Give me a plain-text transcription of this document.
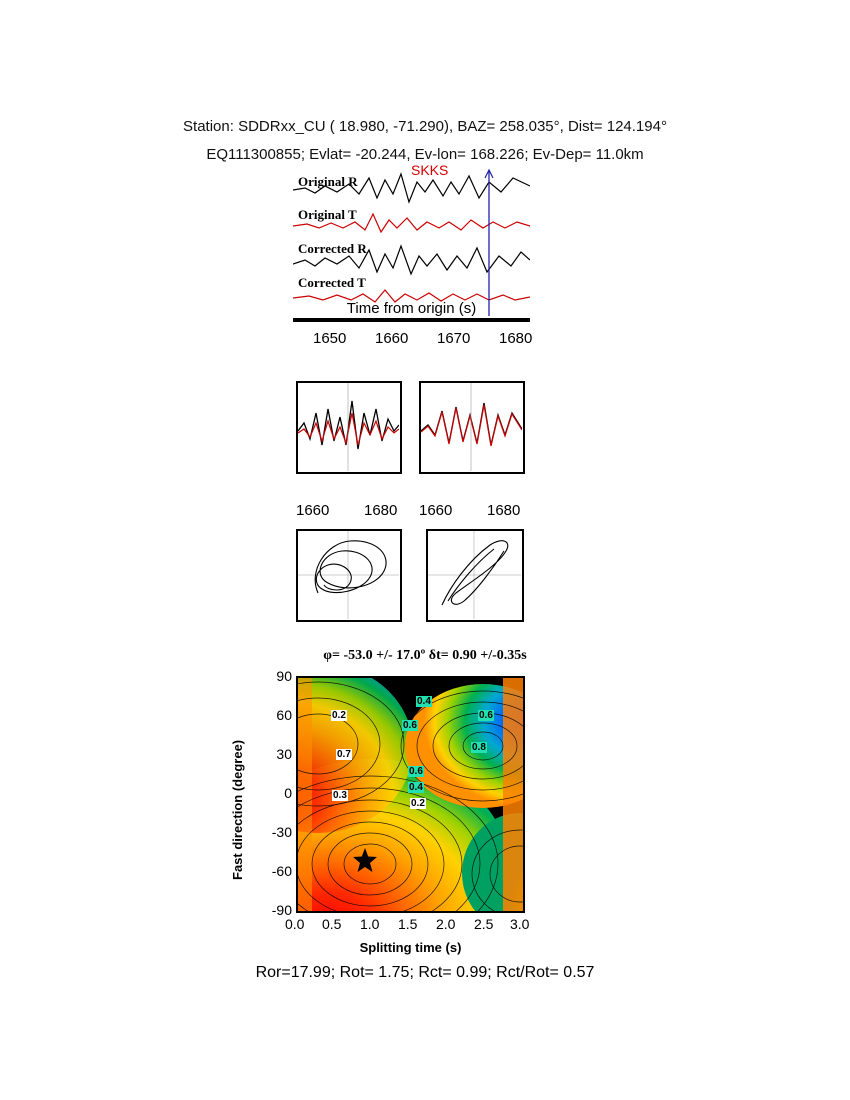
Station: SDDRxx_CU ( 18.980, -71.290), BAZ= 258.035°, Dist= 124.194°
EQ111300855; Evlat= -20.244, Ev-lon= 168.226; Ev-Dep= 11.0km
Original R
Original T
Corrected R
Corrected T
SKKS
Time from origin (s)
1650 1660 1670 1680
1660 1680 1660 1680
φ= -53.0 +/- 17.0º δt= 0.90 +/-0.35s
Fast direction (degree)
90
60
30
0
-30
-60
-90
0.2
0.4
0.6
0.6
0.8
0.7
0.6
0.4
0.3
0.2
0.0 0.5 1.0 1.5 2.0 2.5 3.0
Splitting time (s)
Ror=17.99; Rot= 1.75; Rct= 0.99; Rct/Rot= 0.57
